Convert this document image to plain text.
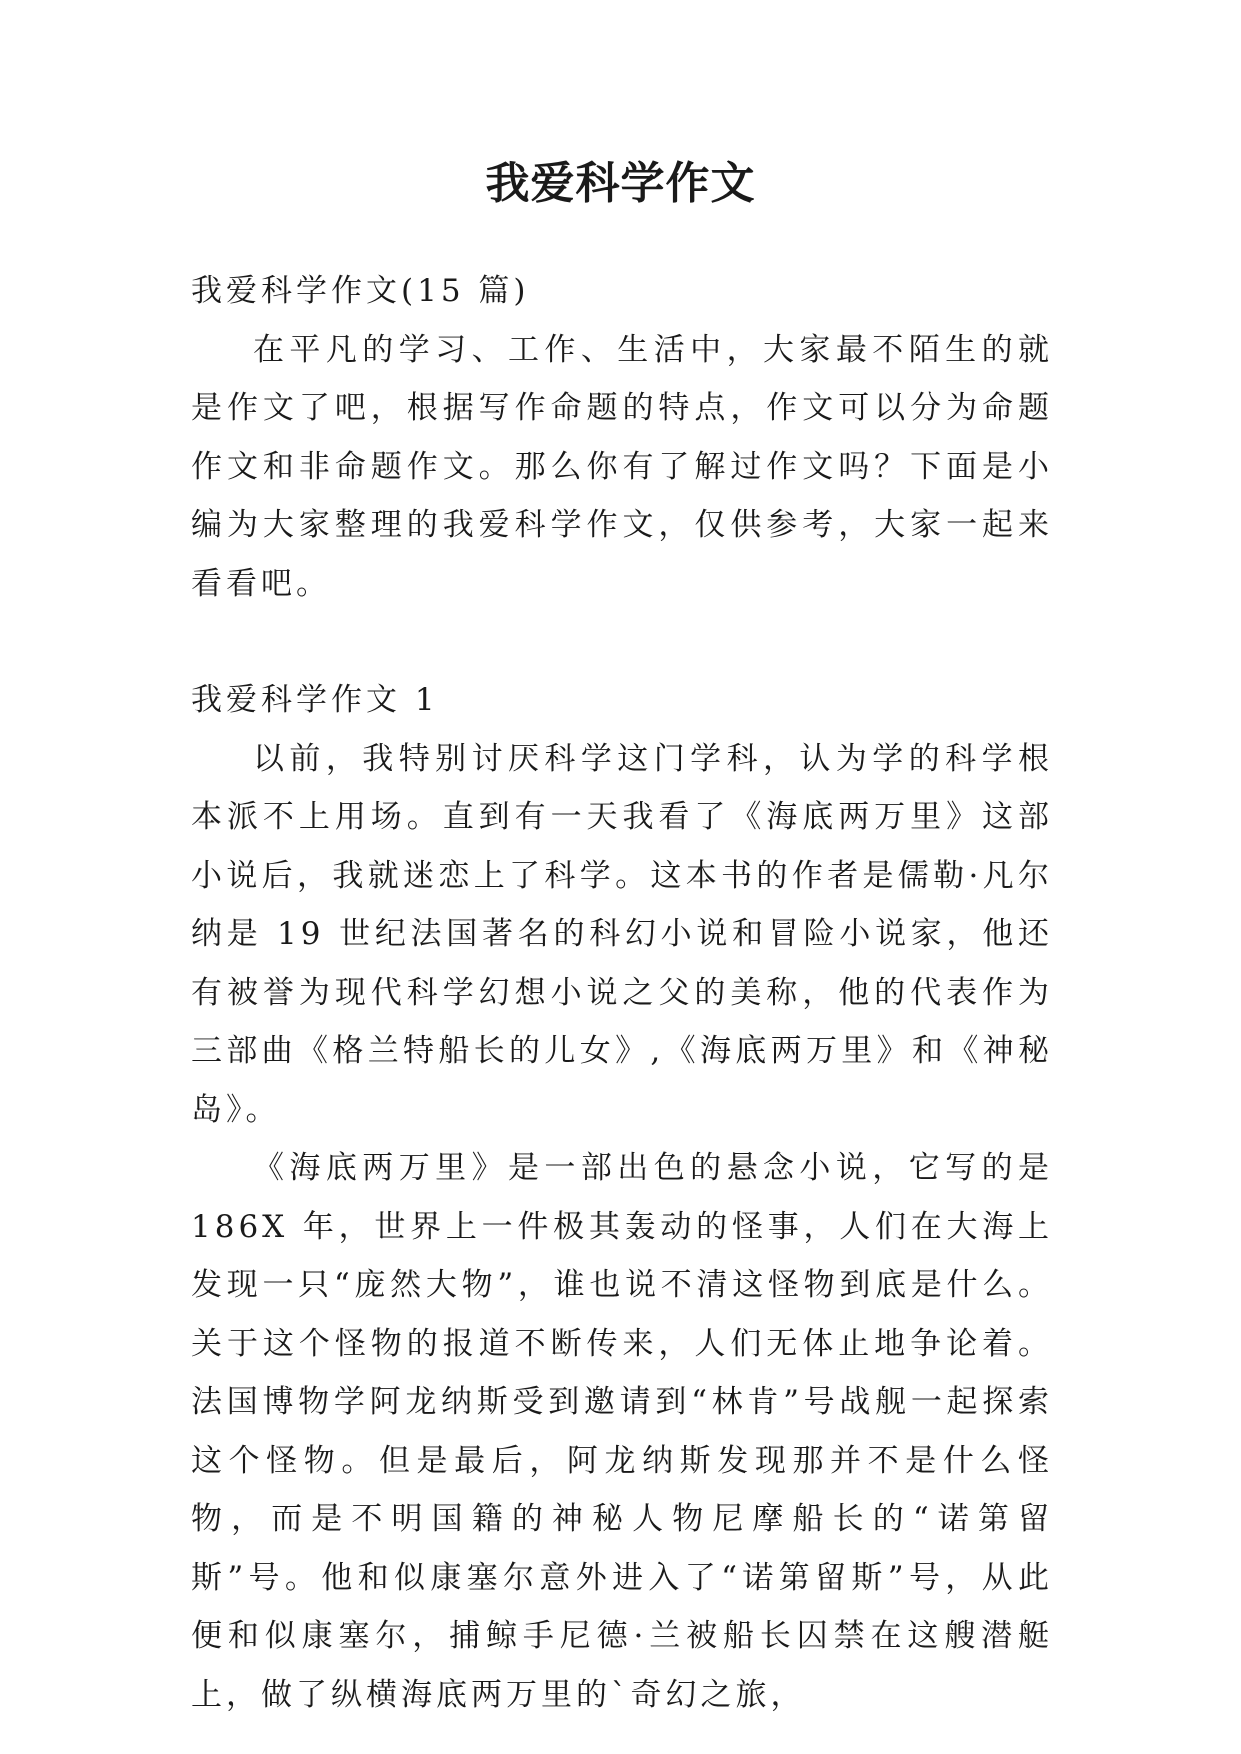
我爱科学作文

我爱科学作文(15 篇)

在平凡的学习、工作、生活中，大家最不陌生的就是作文了吧，根据写作命题的特点，作文可以分为命题作文和非命题作文。那么你有了解过作文吗？下面是小编为大家整理的我爱科学作文，仅供参考，大家一起来看看吧。

我爱科学作文 1

以前，我特别讨厌科学这门学科，认为学的科学根本派不上用场。直到有一天我看了《海底两万里》这部小说后，我就迷恋上了科学。这本书的作者是儒勒·凡尔纳是 19 世纪法国著名的科幻小说和冒险小说家，他还有被誉为现代科学幻想小说之父的美称，他的代表作为三部曲《格兰特船长的儿女》,《海底两万里》和《神秘岛》。

《海底两万里》是一部出色的悬念小说，它写的是 186X 年，世界上一件极其轰动的怪事，人们在大海上发现一只“庞然大物”，谁也说不清这怪物到底是什么。关于这个怪物的报道不断传来，人们无体止地争论着。法国博物学阿龙纳斯受到邀请到“林肯”号战舰一起探索这个怪物。但是最后，阿龙纳斯发现那并不是什么怪物，而是不明国籍的神秘人物尼摩船长的“诺第留斯”号。他和似康塞尔意外进入了“诺第留斯”号，从此便和似康塞尔，捕鲸手尼德·兰被船长囚禁在这艘潜艇上，做了纵横海底两万里的`奇幻之旅，
